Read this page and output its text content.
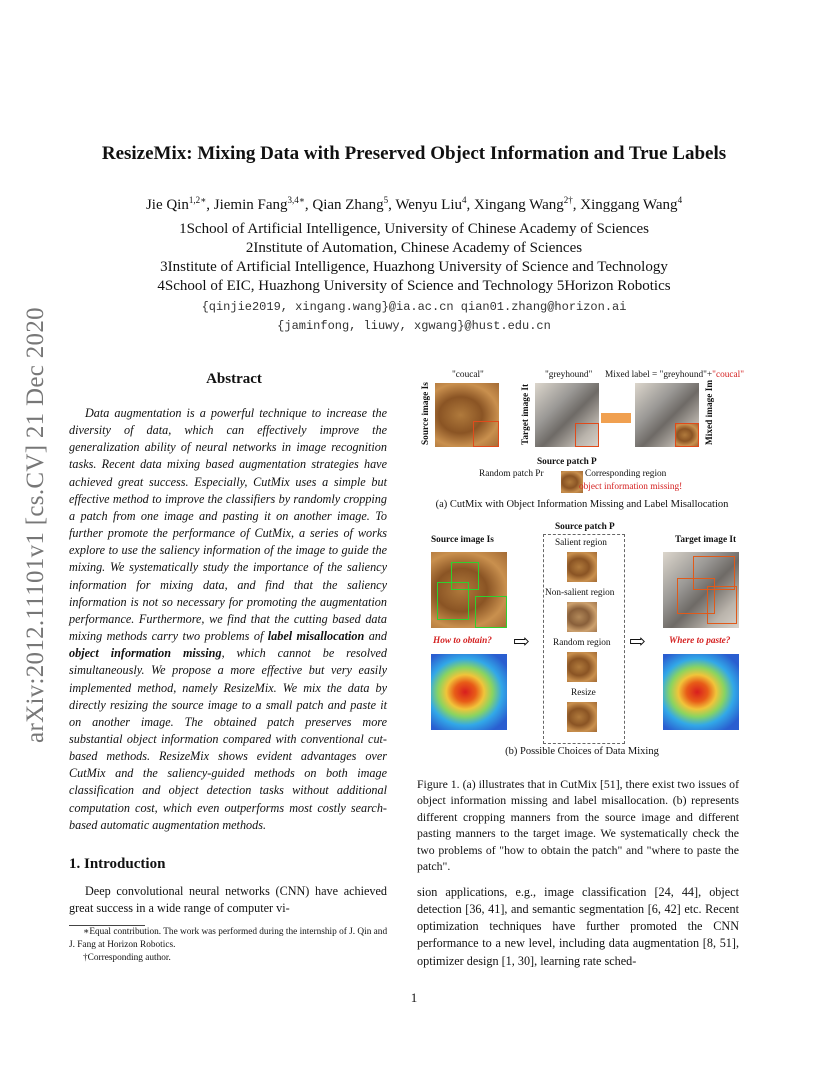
arXiv:2012.11101v1 [cs.CV] 21 Dec 2020
ResizeMix: Mixing Data with Preserved Object Information and True Labels
Jie Qin$^{1,2∗}$, Jiemin Fang$^{3,4∗}$, Qian Zhang$^5$, Wenyu Liu$^4$, Xingang Wang$^{2\dagger}$, Xinggang Wang$^4$
1School of Artificial Intelligence, University of Chinese Academy of Sciences
2Institute of Automation, Chinese Academy of Sciences
3Institute of Artificial Intelligence, Huazhong University of Science and Technology
4School of EIC, Huazhong University of Science and Technology 5Horizon Robotics
{qinjie2019, xingang.wang}@ia.ac.cn qian01.zhang@horizon.ai
{jaminfong, liuwy, xgwang}@hust.edu.cn
Abstract
Data augmentation is a powerful technique to increase the diversity of data, which can effectively improve the generalization ability of neural networks in image recognition tasks. Recent data mixing based augmentation strategies have achieved great success. Especially, CutMix uses a simple but effective method to improve the classifiers by randomly cropping a patch from one image and pasting it on another image. To further promote the performance of CutMix, a series of works explore to use the saliency information of the image to guide the mixing. We systematically study the importance of the saliency information for mixing data, and find that the saliency information is not so necessary for promoting the augmentation performance. Furthermore, we find that the cutting based data mixing methods carry two problems of label misallocation and object information missing, which cannot be resolved simultaneously. We propose a more effective but very easily implemented method, namely ResizeMix. We mix the data by directly resizing the source image to a small patch and paste it on another image. The obtained patch preserves more substantial object information compared with conventional cut-based methods. ResizeMix shows evident advantages over CutMix and the saliency-guided methods on both image classification and object detection tasks without additional computation cost, which even outperforms most costly search-based automatic augmentation methods.
1. Introduction
Deep convolutional neural networks (CNN) have achieved great success in a wide range of computer vi-
∗Equal contribution. The work was performed during the internship of J. Qin and J. Fang at Horizon Robotics.
†Corresponding author.
"coucal"	"greyhound" Mixed label = "greyhound"+"coucal"
Source image Is	Target image It	Mixed image Im
Source patch P
Random patch Pr	Corresponding region
object information missing!
(a) CutMix with Object Information Missing and Label Misallocation
Source patch P
Source image Is	Target image It
Salient region
Non-salient region
Random region
Resize
How to obtain? ⇨	⇨ Where to paste?
(b) Possible Choices of Data Mixing
Figure 1. (a) illustrates that in CutMix [51], there exist two issues of object information missing and label misallocation. (b) represents different cropping manners from the source image and different pasting manners to the target image. We systematically check the two problems of "how to obtain the patch" and "where to paste the patch".
sion applications, e.g., image classification [24, 44], object detection [36, 41], and semantic segmentation [6, 42] etc. Recent optimization techniques have further promoted the CNN performance to a new level, including data augmentation [8, 51], optimizer design [1, 30], learning rate sched-
1
